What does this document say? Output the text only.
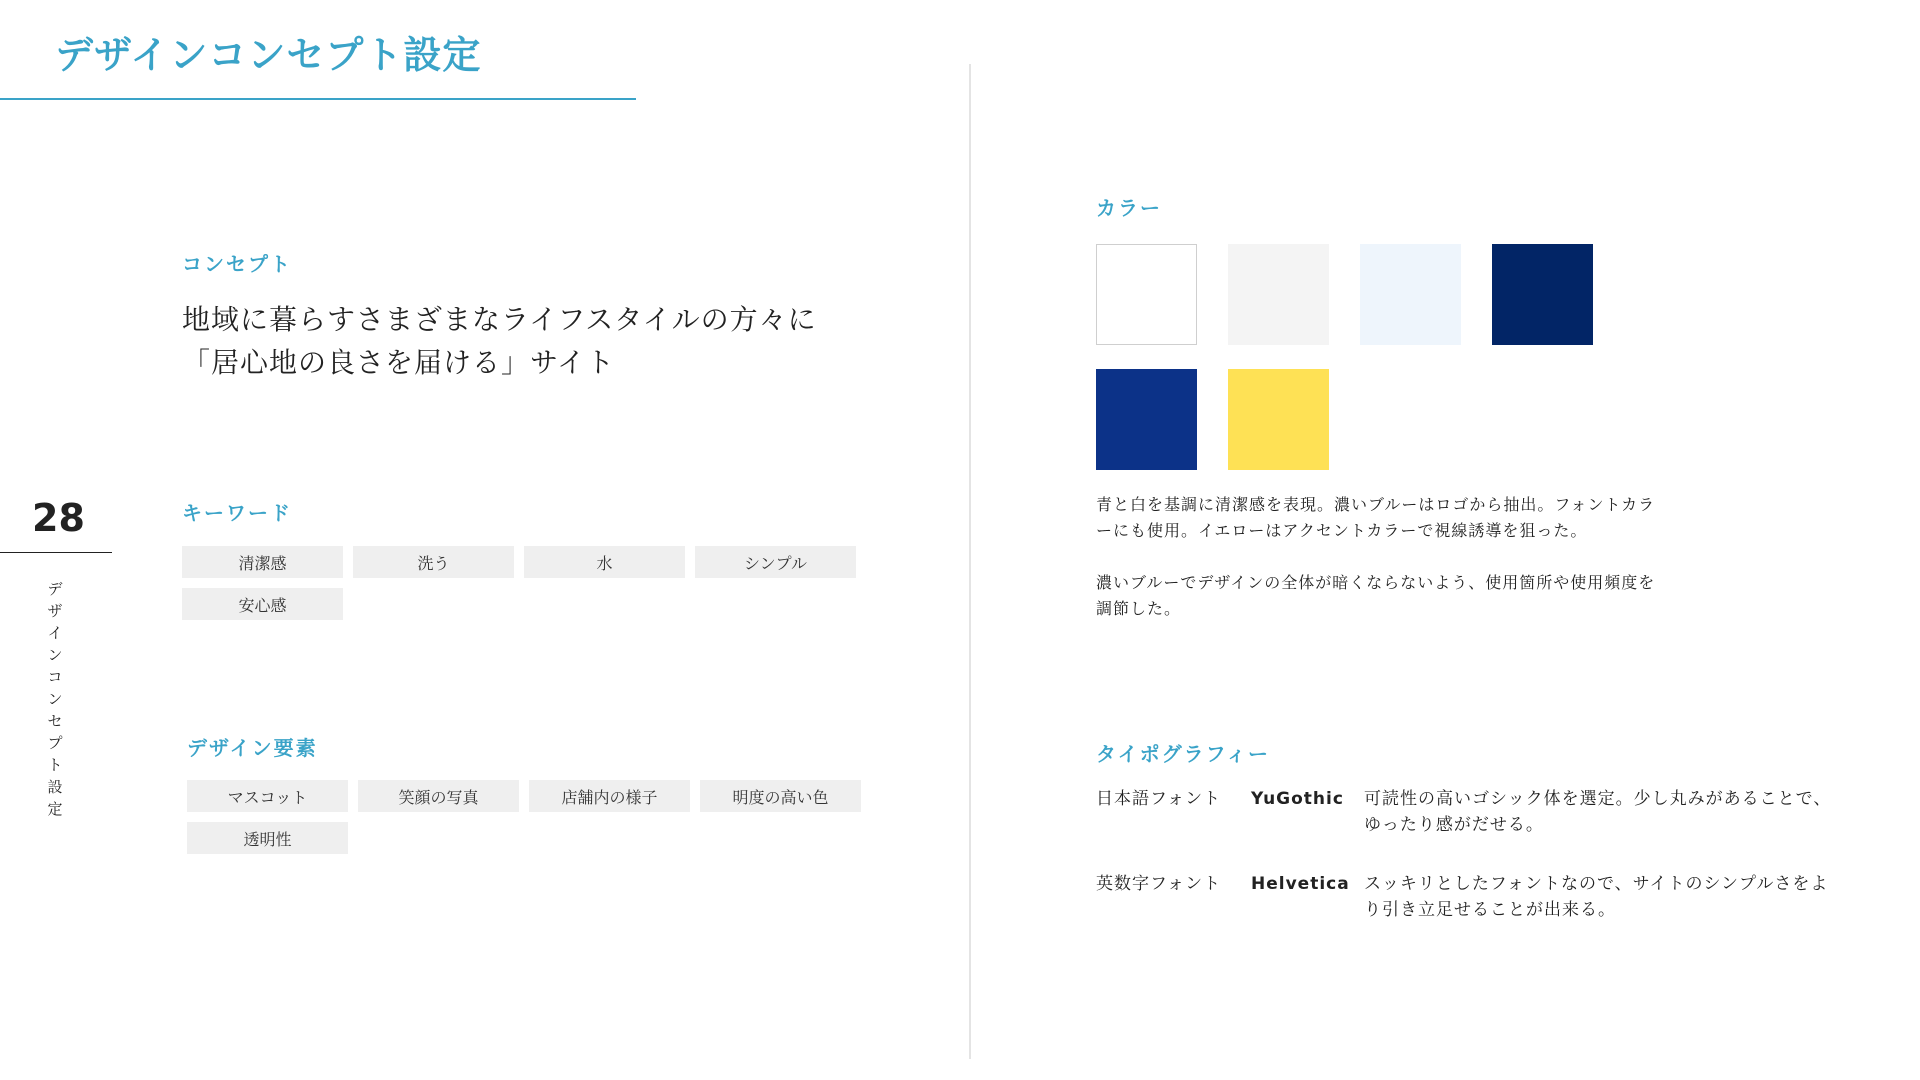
デザインコンセプト設定
28
デザインコンセプト設定
コンセプト
地域に暮らすさまざまなライフスタイルの方々に
「居心地の良さを届ける」サイト
キーワード
清潔感	洗う	水	シンプル
安心感
デザイン要素
マスコット	笑顔の写真	店舗内の様子	明度の高い色
透明性
カラー
青と白を基調に清潔感を表現。濃いブルーはロゴから抽出。フォントカラーにも使用。イエローはアクセントカラーで視線誘導を狙った。
濃いブルーでデザインの全体が暗くならないよう、使用箇所や使用頻度を調節した。
タイポグラフィー
日本語フォント YuGothic 可読性の高いゴシック体を選定。少し丸みがあることで、ゆったり感がだせる。
英数字フォント Helvetica スッキリとしたフォントなので、サイトのシンプルさをより引き立足せることが出来る。
